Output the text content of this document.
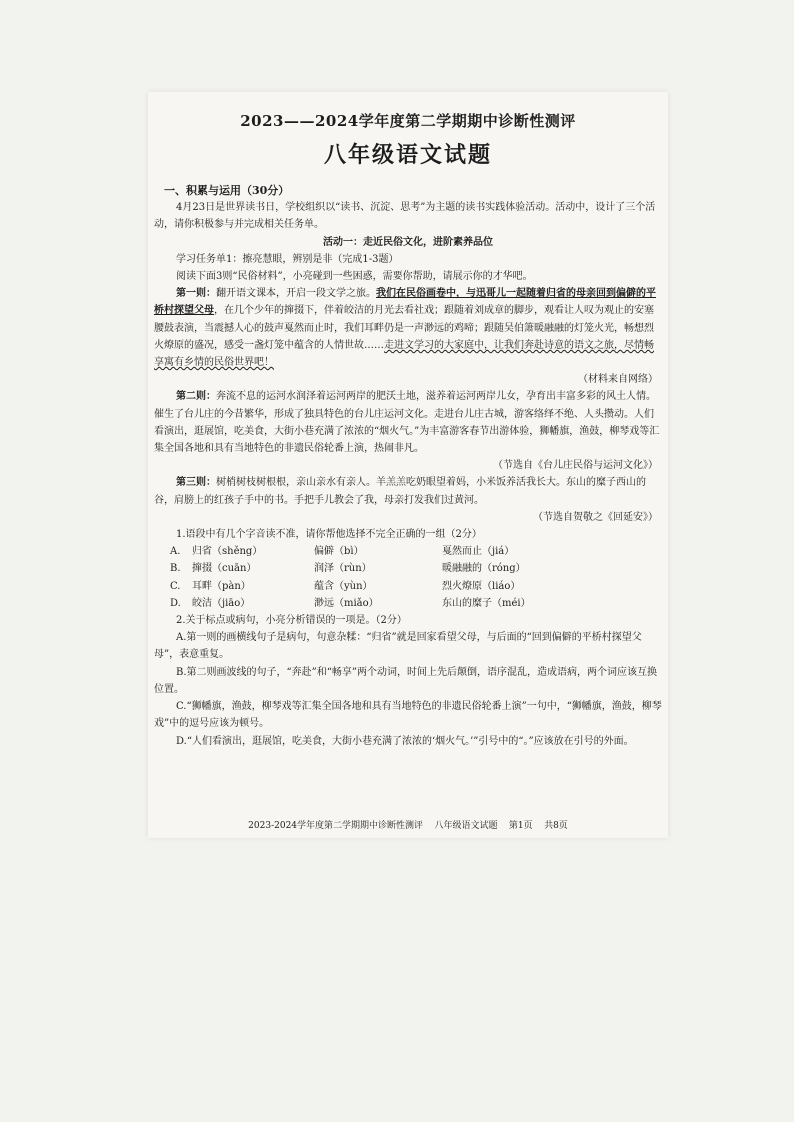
2023——2024学年度第二学期期中诊断性测评
八年级语文试题

一、积累与运用（30分）

4月23日是世界读书日，学校组织以“读书、沉淀、思考”为主题的读书实践体验活动。活动中，设计了三个活动，请你积极参与并完成相关任务单。

活动一：走近民俗文化，进阶素养品位

学习任务单1：擦亮慧眼，辨别是非（完成1-3题）

阅读下面3则“民俗材料”，小亮碰到一些困惑，需要你帮助，请展示你的才华吧。

第一则：翻开语文课本，开启一段文学之旅。我们在民俗画卷中，与迅哥儿一起随着归省的母亲回到偏僻的平桥村探望父母，在几个少年的撺掇下，伴着皎洁的月光去看社戏；跟随着刘成章的脚步，观看让人叹为观止的安塞腰鼓表演，当震撼人心的鼓声戛然而止时，我们耳畔仍是一声渺远的鸡啼；跟随吴伯箫暖融融的灯笼火光，畅想烈火燎原的盛况，感受一盏灯笼中蕴含的人情世故……走进文学习的大家庭中，让我们奔赴诗意的语文之旅，尽情畅享寓有乡情的民俗世界吧！

（材料来自网络）

第二则：奔流不息的运河水润泽着运河两岸的肥沃土地，滋养着运河两岸儿女，孕育出丰富多彩的风土人情。催生了台儿庄的今昔繁华，形成了独具特色的台儿庄运河文化。走进台儿庄古城，游客络绎不绝、人头攒动。人们看演出，逛展馆，吃美食，大街小巷充满了浓浓的“烟火气。”为丰富游客春节出游体验，狮幡旗，渔鼓，柳琴戏等汇集全国各地和具有当地特色的非遗民俗轮番上演，热闹非凡。

（节选自《台儿庄民俗与运河文化》）

第三则：树梢树枝树根根，亲山亲水有亲人。羊羔羔吃奶眼望着妈，小米饭养活我长大。东山的糜子西山的谷，肩膀上的红孩子手中的书。手把手儿教会了我，母亲打发我们过黄河。

（节选自贺敬之《回延安》）

1.语段中有几个字音读不准，请你帮他选择不完全正确的一组（2分）

A.	归省（shěng）	偏僻（bì）	戛然而止（jiá）
B.	撺掇（cuān）	润泽（rùn）	暖融融的（róng）
C.	耳畔（pàn）	蕴含（yùn）	烈火燎原（liáo）
D.	皎洁（jiāo）	渺远（miǎo）	东山的糜子（méi）

2.关于标点或病句，小亮分析错误的一项是。（2分）

A.第一则的画横线句子是病句，句意杂糅：“归省”就是回家看望父母，与后面的“回到偏僻的平桥村探望父母”，表意重复。

B.第二则画波线的句子，“奔赴”和“畅享”两个动词，时间上先后颠倒，语序混乱，造成语病，两个词应该互换位置。

C.“狮幡旗，渔鼓，柳琴戏等汇集全国各地和具有当地特色的非遗民俗轮番上演”一句中，“狮幡旗，渔鼓，柳琴戏”中的逗号应该为顿号。

D.“人们看演出，逛展馆，吃美食，大街小巷充满了浓浓的‘烟火气。’”引号中的“。”应该放在引号的外面。

2023-2024学年度第二学期期中诊断性测评    八年级语文试题    第1页    共8页
